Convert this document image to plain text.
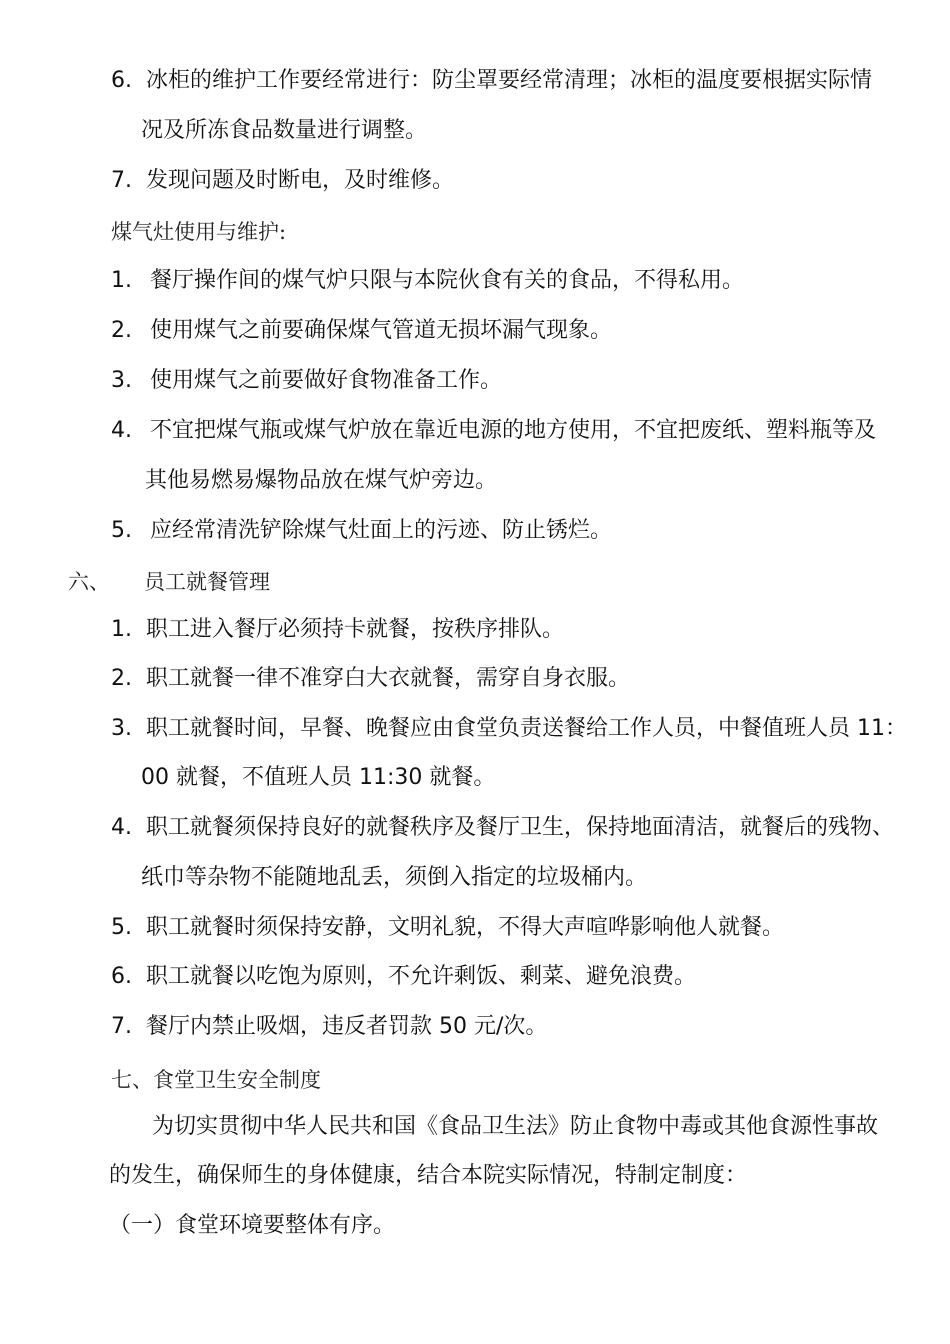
6. 冰柜的维护工作要经常进行：防尘罩要经常清理；冰柜的温度要根据实际情
况及所冻食品数量进行调整。
7. 发现问题及时断电，及时维修。
煤气灶使用与维护:
1. 餐厅操作间的煤气炉只限与本院伙食有关的食品，不得私用。
2. 使用煤气之前要确保煤气管道无损坏漏气现象。
3. 使用煤气之前要做好食物准备工作。
4. 不宜把煤气瓶或煤气炉放在靠近电源的地方使用，不宜把废纸、塑料瓶等及
其他易燃易爆物品放在煤气炉旁边。
5. 应经常清洗铲除煤气灶面上的污迹、防止锈烂。
六、 员工就餐管理
1. 职工进入餐厅必须持卡就餐，按秩序排队。
2. 职工就餐一律不准穿白大衣就餐，需穿自身衣服。
3. 职工就餐时间，早餐、晚餐应由食堂负责送餐给工作人员，中餐值班人员 11：
00 就餐，不值班人员 11:30 就餐。
4. 职工就餐须保持良好的就餐秩序及餐厅卫生，保持地面清洁，就餐后的残物、
纸巾等杂物不能随地乱丢，须倒入指定的垃圾桶内。
5. 职工就餐时须保持安静，文明礼貌，不得大声喧哗影响他人就餐。
6. 职工就餐以吃饱为原则，不允许剩饭、剩菜、避免浪费。
7. 餐厅内禁止吸烟，违反者罚款 50 元/次。
七、食堂卫生安全制度
为切实贯彻中华人民共和国《食品卫生法》防止食物中毒或其他食源性事故
的发生，确保师生的身体健康，结合本院实际情况，特制定制度：
（一）食堂环境要整体有序。
